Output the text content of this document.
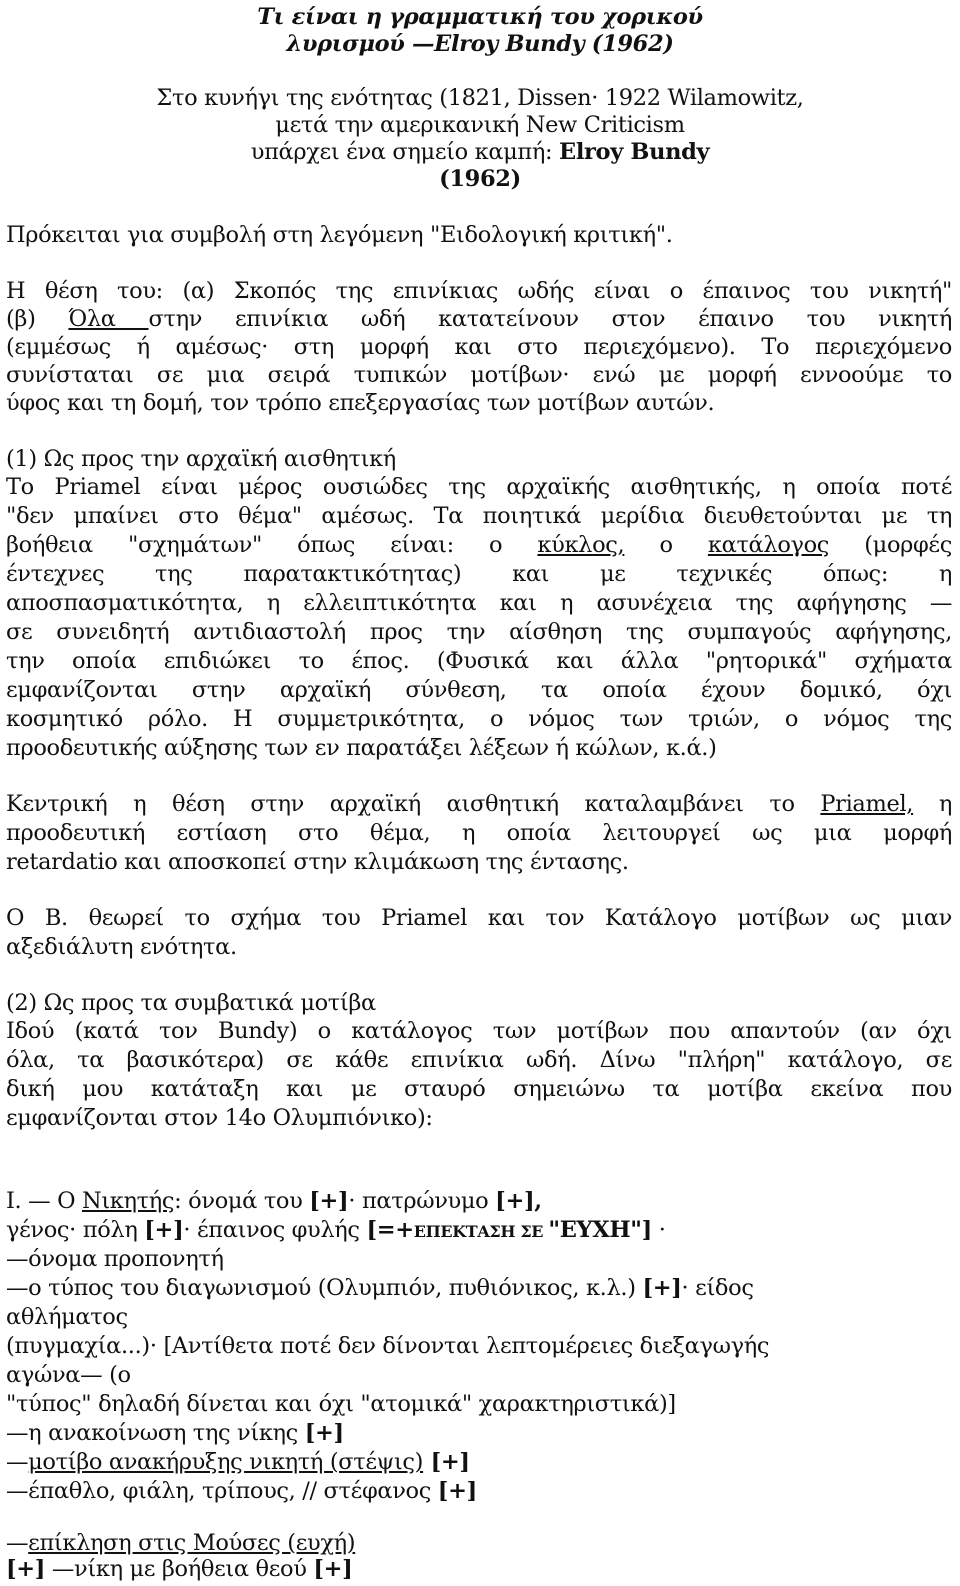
Τι είναι η γραμματική του χορικού
λυρισμού —Elroy Bundy (1962)
Στο κυνήγι της ενότητας (1821, Dissen· 1922 Wilamowitz,
μετά την αμερικανική New Criticism
υπάρχει ένα σημείο καμπή: Elroy Bundy
(1962)
Πρόκειται για συμβολή στη λεγόμενη "Ειδολογική κριτική".
Η θέση του: (α) Σκοπός της επινίκιας ωδής είναι ο έπαινος του νικητή"
(β) Όλα στην επινίκια ωδή κατατείνουν στον έπαινο του νικητή
(εμμέσως ή αμέσως· στη μορφή και στο περιεχόμενο). Το περιεχόμενο
συνίσταται σε μια σειρά τυπικών μοτίβων· ενώ με μορφή εννοούμε το
ύφος και τη δομή, τον τρόπο επεξεργασίας των μοτίβων αυτών.
(1) Ως προς την αρχαϊκή αισθητική
Το Priamel είναι μέρος ουσιώδες της αρχαϊκής αισθητικής, η οποία ποτέ
"δεν μπαίνει στο θέμα" αμέσως. Τα ποιητικά μερίδια διευθετούνται με τη
βοήθεια "σχημάτων" όπως είναι: ο κύκλος, ο κατάλογος (μορφές
έντεχνες της παρατακτικότητας) και με τεχνικές όπως: η
αποσπασματικότητα, η ελλειπτικότητα και η ασυνέχεια της αφήγησης —
σε συνειδητή αντιδιαστολή προς την αίσθηση της συμπαγούς αφήγησης,
την οποία επιδιώκει το έπος. (Φυσικά και άλλα "ρητορικά" σχήματα
εμφανίζονται στην αρχαϊκή σύνθεση, τα οποία έχουν δομικό, όχι
κοσμητικό ρόλο. Η συμμετρικότητα, ο νόμος των τριών, ο νόμος της
προοδευτικής αύξησης των εν παρατάξει λέξεων ή κώλων, κ.ά.)
Κεντρική η θέση στην αρχαϊκή αισθητική καταλαμβάνει το Priamel, η
προοδευτική εστίαση στο θέμα, η οποία λειτουργεί ως μια μορφή
retardatio και αποσκοπεί στην κλιμάκωση της έντασης.
Ο Β. θεωρεί το σχήμα του Priamel και τον Κατάλογο μοτίβων ως μιαν
αξεδιάλυτη ενότητα.
(2) Ως προς τα συμβατικά μοτίβα
Ιδού (κατά τον Bundy) ο κατάλογος των μοτίβων που απαντούν (αν όχι
όλα, τα βασικότερα) σε κάθε επινίκια ωδή. Δίνω "πλήρη" κατάλογο, σε
δική μου κατάταξη και με σταυρό σημειώνω τα μοτίβα εκείνα που
εμφανίζονται στον 14ο Ολυμπιόνικο):
I. — Ο Νικητής: όνομά του [+]· πατρώνυμο [+],
γένος· πόλη [+]· έπαινος φυλής [=+ΕΠΕΚΤΑΣΗ ΣΕ "ΕΥΧΗ"] ·
—όνομα προπονητή
—ο τύπος του διαγωνισμού (Ολυμπιόν, πυθιόνικος, κ.λ.) [+]· είδος
αθλήματος
(πυγμαχία...)· [Αντίθετα ποτέ δεν δίνονται λεπτομέρειες διεξαγωγής
αγώνα— (ο
"τύπος" δηλαδή δίνεται και όχι "ατομικά" χαρακτηριστικά)]
—η ανακοίνωση της νίκης [+]
—μοτίβο ανακήρυξης νικητή (στέψις) [+]
—έπαθλο, φιάλη, τρίπους, // στέφανος [+]
—επίκληση στις Μούσες (ευχή)
[+] —νίκη με βοήθεια θεού [+]
